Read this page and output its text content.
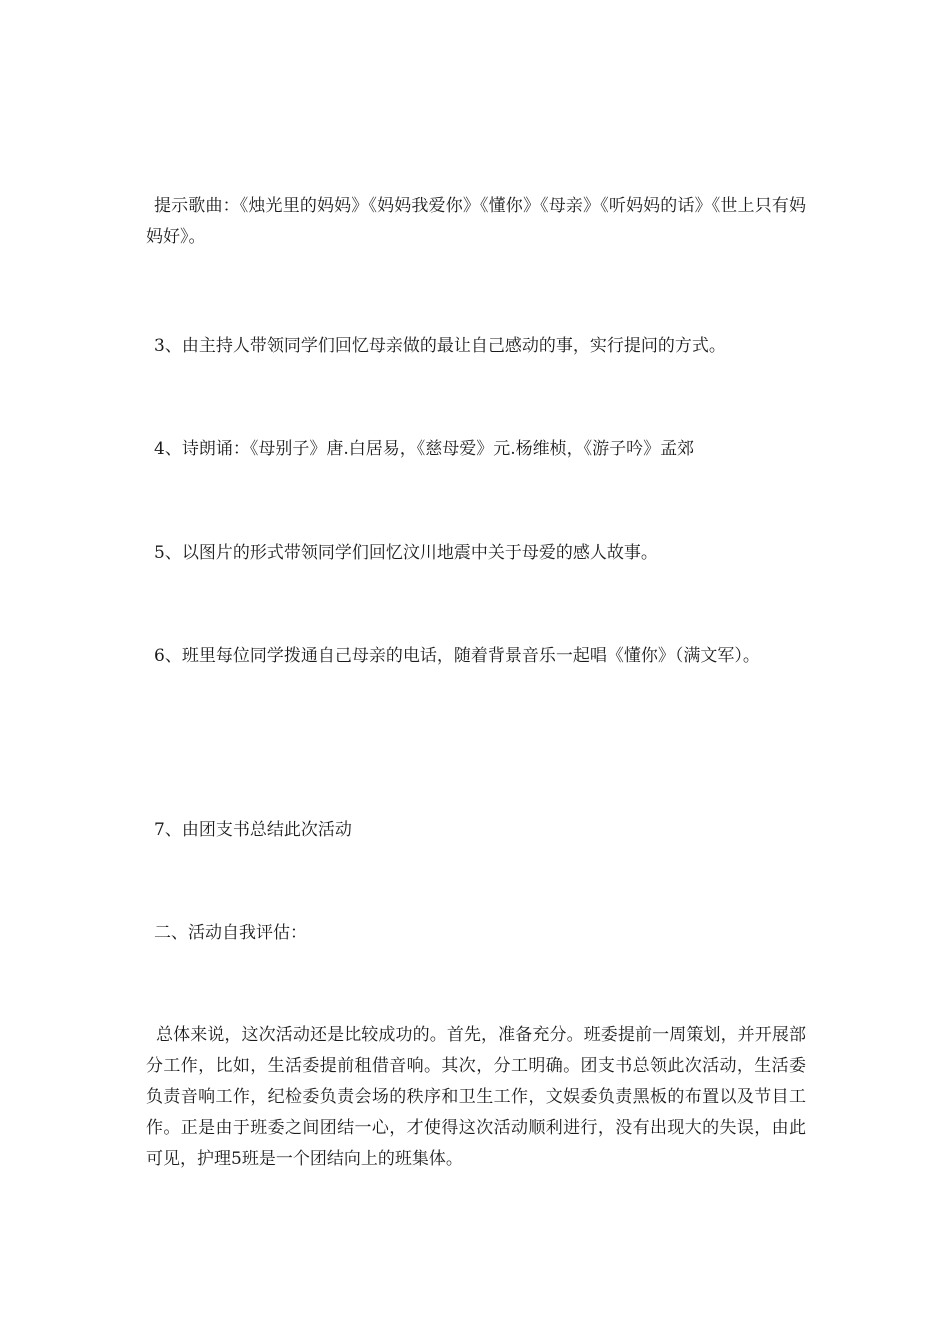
提示歌曲：《烛光里的妈妈》《妈妈我爱你》《懂你》《母亲》《听妈妈的话》《世上只有妈妈好》。

3、由主持人带领同学们回忆母亲做的最让自己感动的事，实行提问的方式。

4、诗朗诵：《母别子》唐.白居易，《慈母爱》元.杨维桢，《游子吟》孟郊

5、以图片的形式带领同学们回忆汶川地震中关于母爱的感人故事。

6、班里每位同学拨通自己母亲的电话，随着背景音乐一起唱《懂你》（满文军）。

7、由团支书总结此次活动

二、活动自我评估：

总体来说，这次活动还是比较成功的。首先，准备充分。班委提前一周策划，并开展部分工作，比如，生活委提前租借音响。其次，分工明确。团支书总领此次活动，生活委负责音响工作，纪检委负责会场的秩序和卫生工作，文娱委负责黑板的布置以及节目工作。正是由于班委之间团结一心，才使得这次活动顺利进行，没有出现大的失误，由此可见，护理5班是一个团结向上的班集体。
